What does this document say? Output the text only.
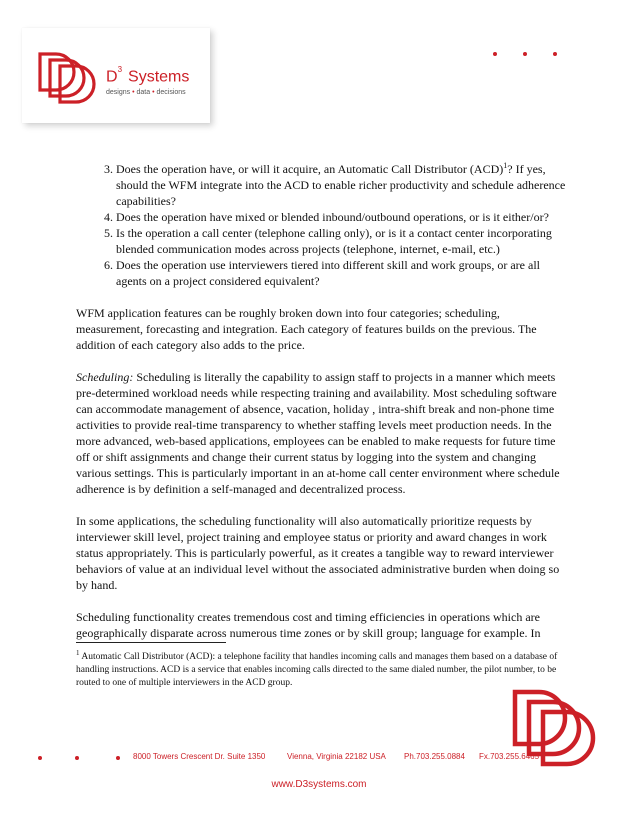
$D^3$ Systems
designs • data • decisions
3. Does the operation have, or will it acquire, an Automatic Call Distributor (ACD)$^1$? If yes, should the WFM integrate into the ACD to enable richer productivity and schedule adherence capabilities?
4. Does the operation have mixed or blended inbound/outbound operations, or is it either/or?
5. Is the operation a call center (telephone calling only), or is it a contact center incorporating blended communication modes across projects (telephone, internet, e-mail, etc.)
6. Does the operation use interviewers tiered into different skill and work groups, or are all agents on a project considered equivalent?

WFM application features can be roughly broken down into four categories; scheduling, measurement, forecasting and integration. Each category of features builds on the previous. The addition of each category also adds to the price.

Scheduling: Scheduling is literally the capability to assign staff to projects in a manner which meets pre-determined workload needs while respecting training and availability. Most scheduling software can accommodate management of absence, vacation, holiday , intra-shift break and non-phone time activities to provide real-time transparency to whether staffing levels meet production needs. In the more advanced, web-based applications, employees can be enabled to make requests for future time off or shift assignments and change their current status by logging into the system and changing various settings. This is particularly important in an at-home call center environment where schedule adherence is by definition a self-managed and decentralized process.

In some applications, the scheduling functionality will also automatically prioritize requests by interviewer skill level, project training and employee status or priority and award changes in work status appropriately. This is particularly powerful, as it creates a tangible way to reward interviewer behaviors of value at an individual level without the associated administrative burden when doing so by hand.

Scheduling functionality creates tremendous cost and timing efficiencies in operations which are geographically disparate across numerous time zones or by skill group; language for example. In

$^1$ Automatic Call Distributor (ACD): a telephone facility that handles incoming calls and manages them based on a database of handling instructions. ACD is a service that enables incoming calls directed to the same dialed number, the pilot number, to be routed to one of multiple interviewers in the ACD group.
8000 Towers Crescent Dr. Suite 1350	Vienna, Virginia 22182 USA Ph.703.255.0884 Fx.703.255.6465
www.D3systems.com
